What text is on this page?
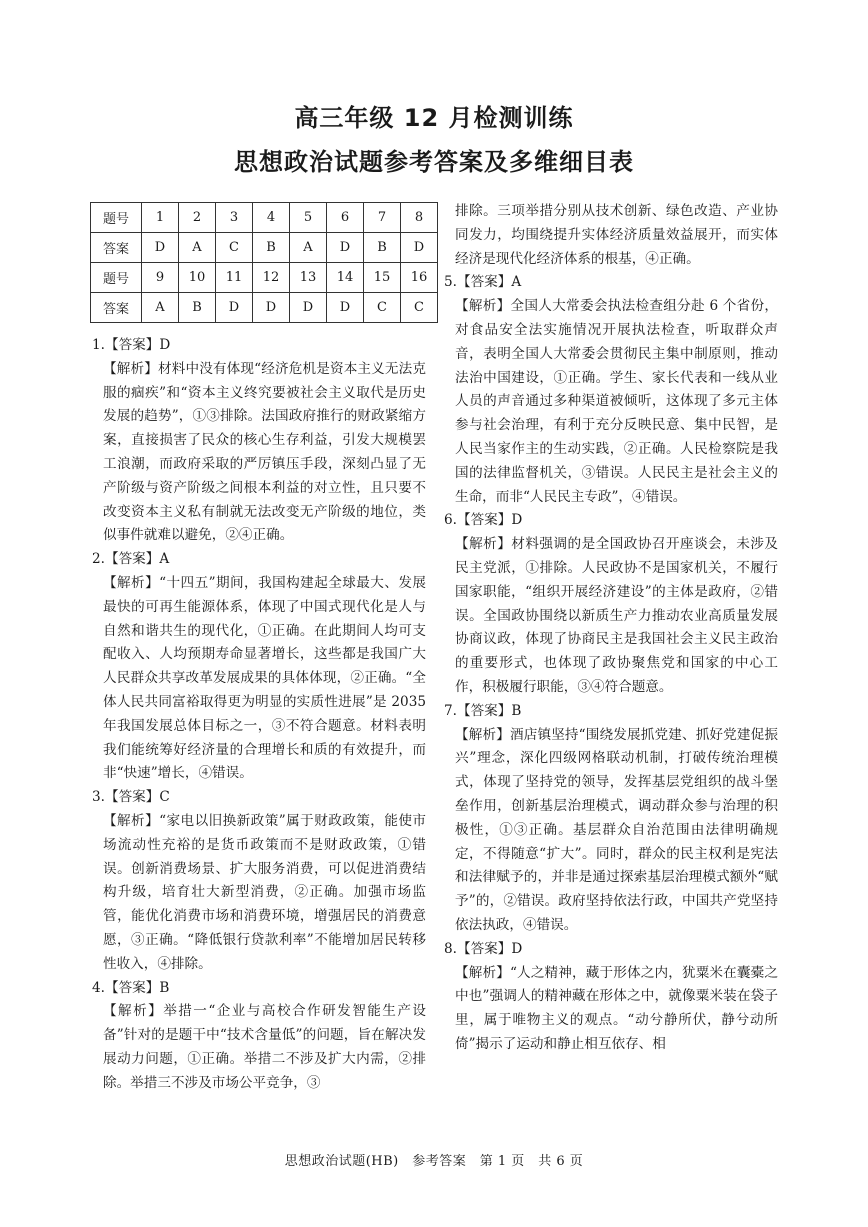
高三年级 12 月检测训练
思想政治试题参考答案及多维细目表
题号	1	2	3	4	5	6	7	8
答案	D	A	C	B	A	D	B	D
题号	9	10	11	12	13	14	15	16
答案	A	B	D	D	D	D	C	C
1.【答案】D
【解析】材料中没有体现“经济危机是资本主义无法克服的痼疾”和“资本主义终究要被社会主义取代是历史发展的趋势”，①③排除。法国政府推行的财政紧缩方案，直接损害了民众的核心生存利益，引发大规模罢工浪潮，而政府采取的严厉镇压手段，深刻凸显了无产阶级与资产阶级之间根本利益的对立性，且只要不改变资本主义私有制就无法改变无产阶级的地位，类似事件就难以避免，②④正确。
2.【答案】A
【解析】“十四五”期间，我国构建起全球最大、发展最快的可再生能源体系，体现了中国式现代化是人与自然和谐共生的现代化，①正确。在此期间人均可支配收入、人均预期寿命显著增长，这些都是我国广大人民群众共享改革发展成果的具体体现，②正确。“全体人民共同富裕取得更为明显的实质性进展”是 2035 年我国发展总体目标之一，③不符合题意。材料表明我们能统筹好经济量的合理增长和质的有效提升，而非“快速”增长，④错误。
3.【答案】C
【解析】“家电以旧换新政策”属于财政政策，能使市场流动性充裕的是货币政策而不是财政政策，①错误。创新消费场景、扩大服务消费，可以促进消费结构升级，培育壮大新型消费，②正确。加强市场监管，能优化消费市场和消费环境，增强居民的消费意愿，③正确。“降低银行贷款利率”不能增加居民转移性收入，④排除。
4.【答案】B
【解析】举措一“企业与高校合作研发智能生产设备”针对的是题干中“技术含量低”的问题，旨在解决发展动力问题，①正确。举措二不涉及扩大内需，②排除。举措三不涉及市场公平竞争，③
排除。三项举措分别从技术创新、绿色改造、产业协同发力，均围绕提升实体经济质量效益展开，而实体经济是现代化经济体系的根基，④正确。
5.【答案】A
【解析】全国人大常委会执法检查组分赴 6 个省份，对食品安全法实施情况开展执法检查，听取群众声音，表明全国人大常委会贯彻民主集中制原则，推动法治中国建设，①正确。学生、家长代表和一线从业人员的声音通过多种渠道被倾听，这体现了多元主体参与社会治理，有利于充分反映民意、集中民智，是人民当家作主的生动实践，②正确。人民检察院是我国的法律监督机关，③错误。人民民主是社会主义的生命，而非“人民民主专政”，④错误。
6.【答案】D
【解析】材料强调的是全国政协召开座谈会，未涉及民主党派，①排除。人民政协不是国家机关，不履行国家职能，“组织开展经济建设”的主体是政府，②错误。全国政协围绕以新质生产力推动农业高质量发展协商议政，体现了协商民主是我国社会主义民主政治的重要形式，也体现了政协聚焦党和国家的中心工作，积极履行职能，③④符合题意。
7.【答案】B
【解析】酒店镇坚持“围绕发展抓党建、抓好党建促振兴”理念，深化四级网格联动机制，打破传统治理模式，体现了坚持党的领导，发挥基层党组织的战斗堡垒作用，创新基层治理模式，调动群众参与治理的积极性，①③正确。基层群众自治范围由法律明确规定，不得随意“扩大”。同时，群众的民主权利是宪法和法律赋予的，并非是通过探索基层治理模式额外“赋予”的，②错误。政府坚持依法行政，中国共产党坚持依法执政，④错误。
8.【答案】D
【解析】“人之精神，藏于形体之内，犹粟米在囊橐之中也”强调人的精神藏在形体之中，就像粟米装在袋子里，属于唯物主义的观点。“动兮静所伏，静兮动所倚”揭示了运动和静止相互依存、相
思想政治试题(HB)　参考答案　第 1 页　共 6 页
